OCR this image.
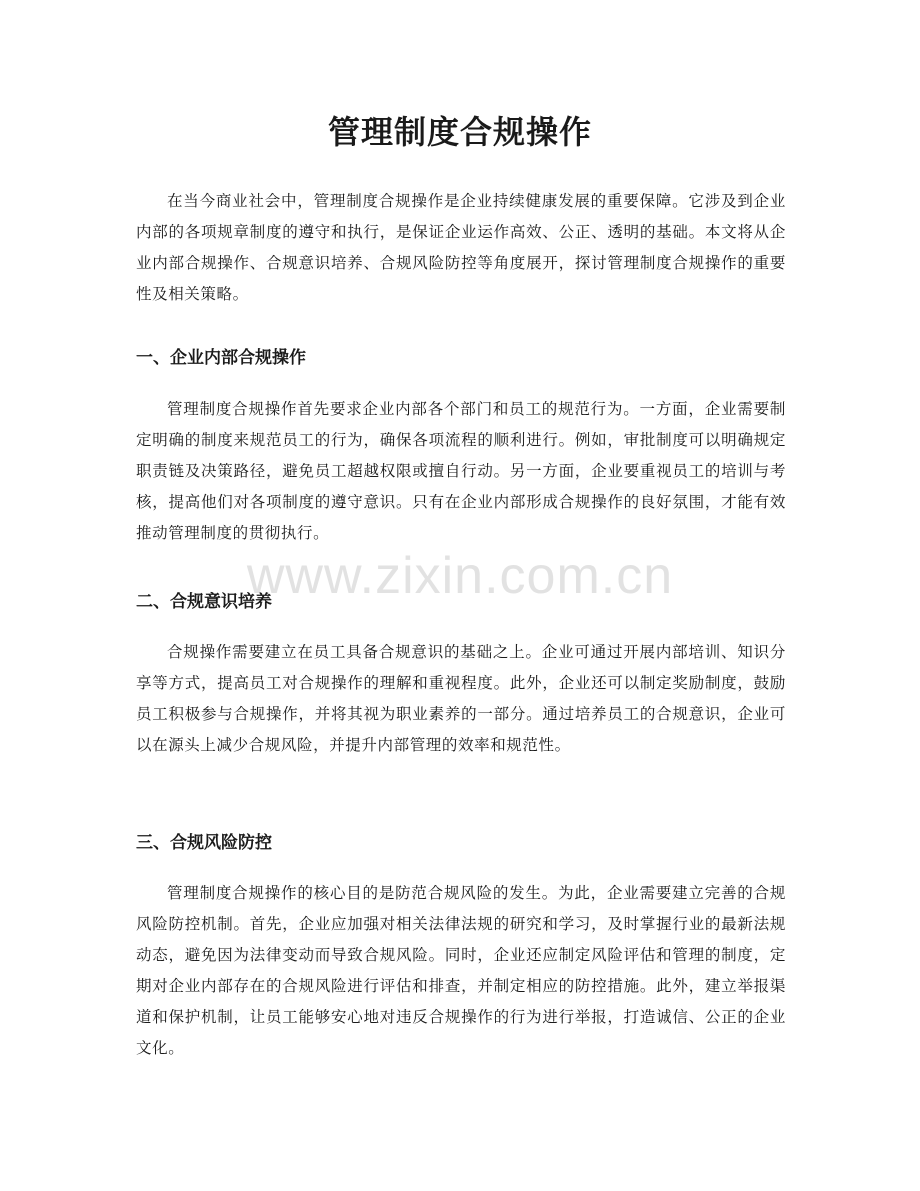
管理制度合规操作

在当今商业社会中，管理制度合规操作是企业持续健康发展的重要保障。它涉及到企业内部的各项规章制度的遵守和执行，是保证企业运作高效、公正、透明的基础。本文将从企业内部合规操作、合规意识培养、合规风险防控等角度展开，探讨管理制度合规操作的重要性及相关策略。

一、企业内部合规操作

管理制度合规操作首先要求企业内部各个部门和员工的规范行为。一方面，企业需要制定明确的制度来规范员工的行为，确保各项流程的顺利进行。例如，审批制度可以明确规定职责链及决策路径，避免员工超越权限或擅自行动。另一方面，企业要重视员工的培训与考核，提高他们对各项制度的遵守意识。只有在企业内部形成合规操作的良好氛围，才能有效推动管理制度的贯彻执行。

二、合规意识培养

合规操作需要建立在员工具备合规意识的基础之上。企业可通过开展内部培训、知识分享等方式，提高员工对合规操作的理解和重视程度。此外，企业还可以制定奖励制度，鼓励员工积极参与合规操作，并将其视为职业素养的一部分。通过培养员工的合规意识，企业可以在源头上减少合规风险，并提升内部管理的效率和规范性。

三、合规风险防控

管理制度合规操作的核心目的是防范合规风险的发生。为此，企业需要建立完善的合规风险防控机制。首先，企业应加强对相关法律法规的研究和学习，及时掌握行业的最新法规动态，避免因为法律变动而导致合规风险。同时，企业还应制定风险评估和管理的制度，定期对企业内部存在的合规风险进行评估和排查，并制定相应的防控措施。此外，建立举报渠道和保护机制，让员工能够安心地对违反合规操作的行为进行举报，打造诚信、公正的企业文化。

www.zixin.com.cn
